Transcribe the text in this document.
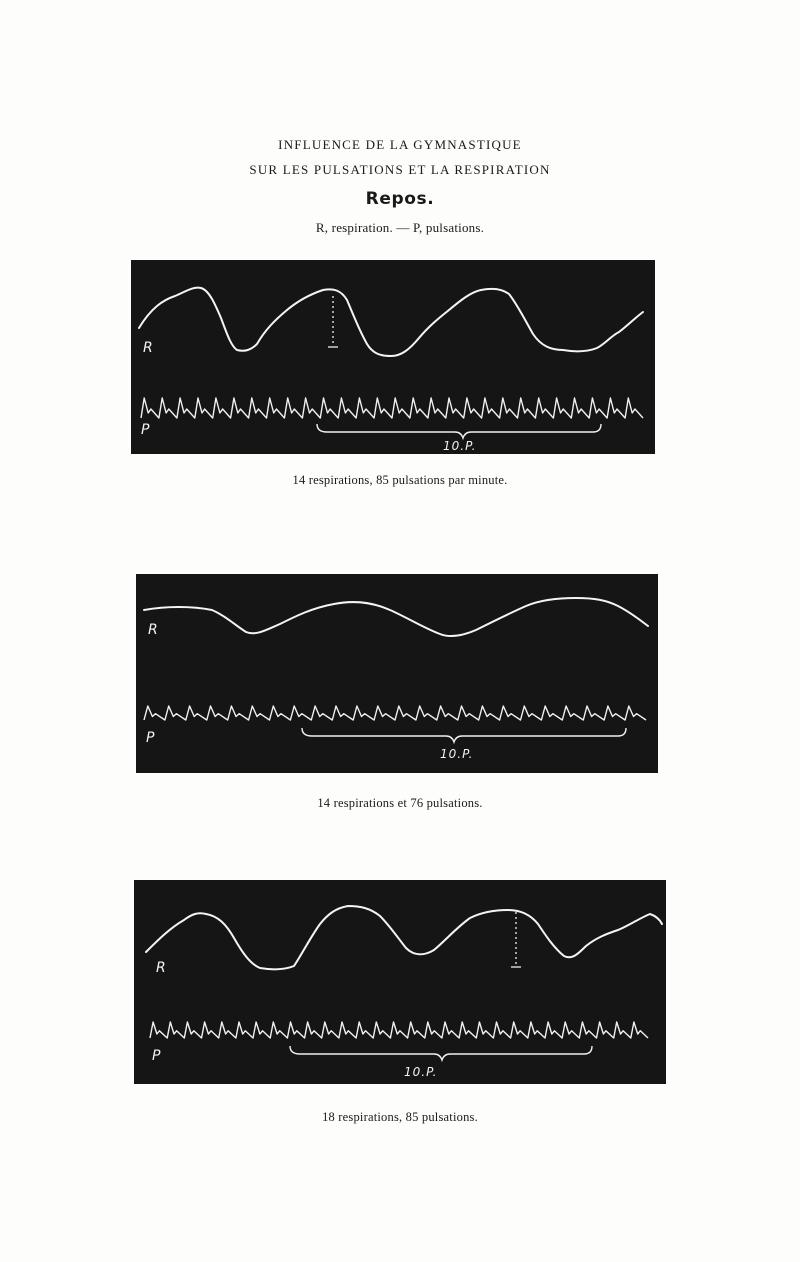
INFLUENCE DE LA GYMNASTIQUE
SUR LES PULSATIONS ET LA RESPIRATION
Repos.
R, respiration. — P, pulsations.
R
P
10.P.
14 respirations, 85 pulsations par minute.
R
P
10.P.
14 respirations et 76 pulsations.
R
P
10.P.
18 respirations, 85 pulsations.
